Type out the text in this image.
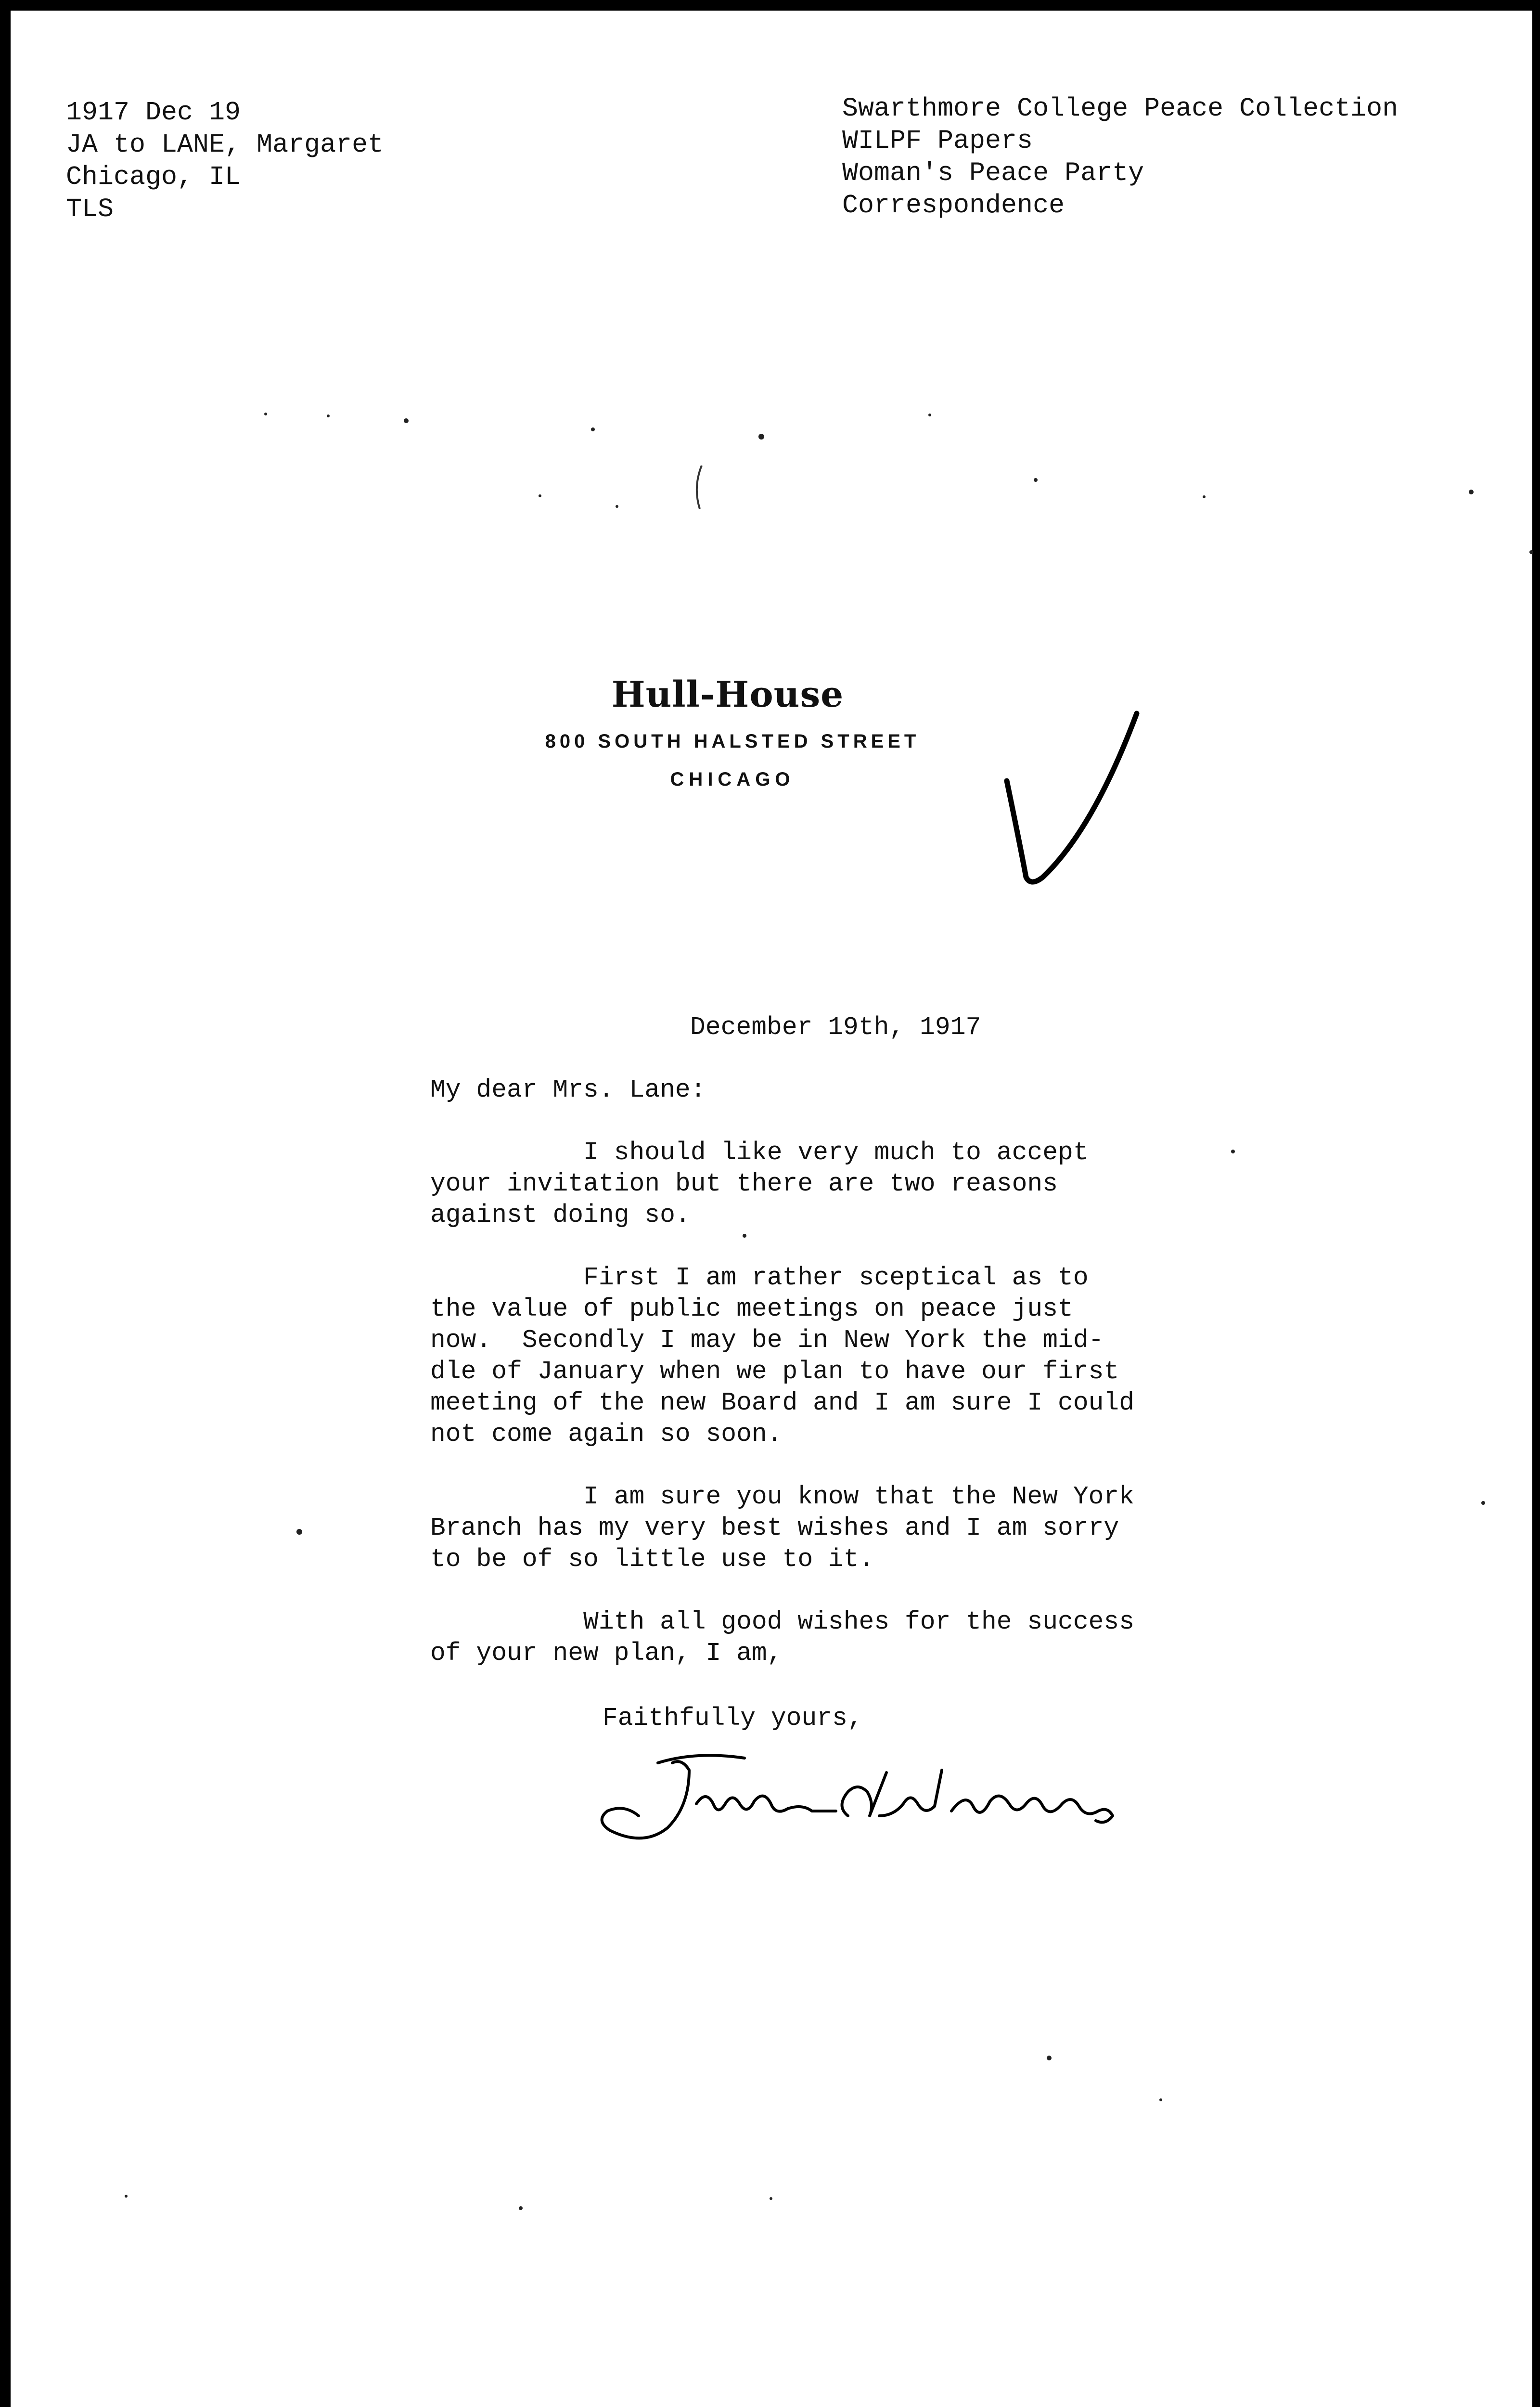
1917 Dec 19
JA to LANE, Margaret
Chicago, IL
TLS
Swarthmore College Peace Collection
WILPF Papers
Woman's Peace Party
Correspondence
Hull-House
800 SOUTH HALSTED STREET
CHICAGO
December 19th, 1917
My dear Mrs. Lane:
I should like very much to accept
your invitation but there are two reasons
against doing so.
First I am rather sceptical as to
the value of public meetings on peace just
now.  Secondly I may be in New York the mid-
dle of January when we plan to have our first
meeting of the new Board and I am sure I could
not come again so soon.
I am sure you know that the New York
Branch has my very best wishes and I am sorry
to be of so little use to it.
With all good wishes for the success
of your new plan, I am,
Faithfully yours,
